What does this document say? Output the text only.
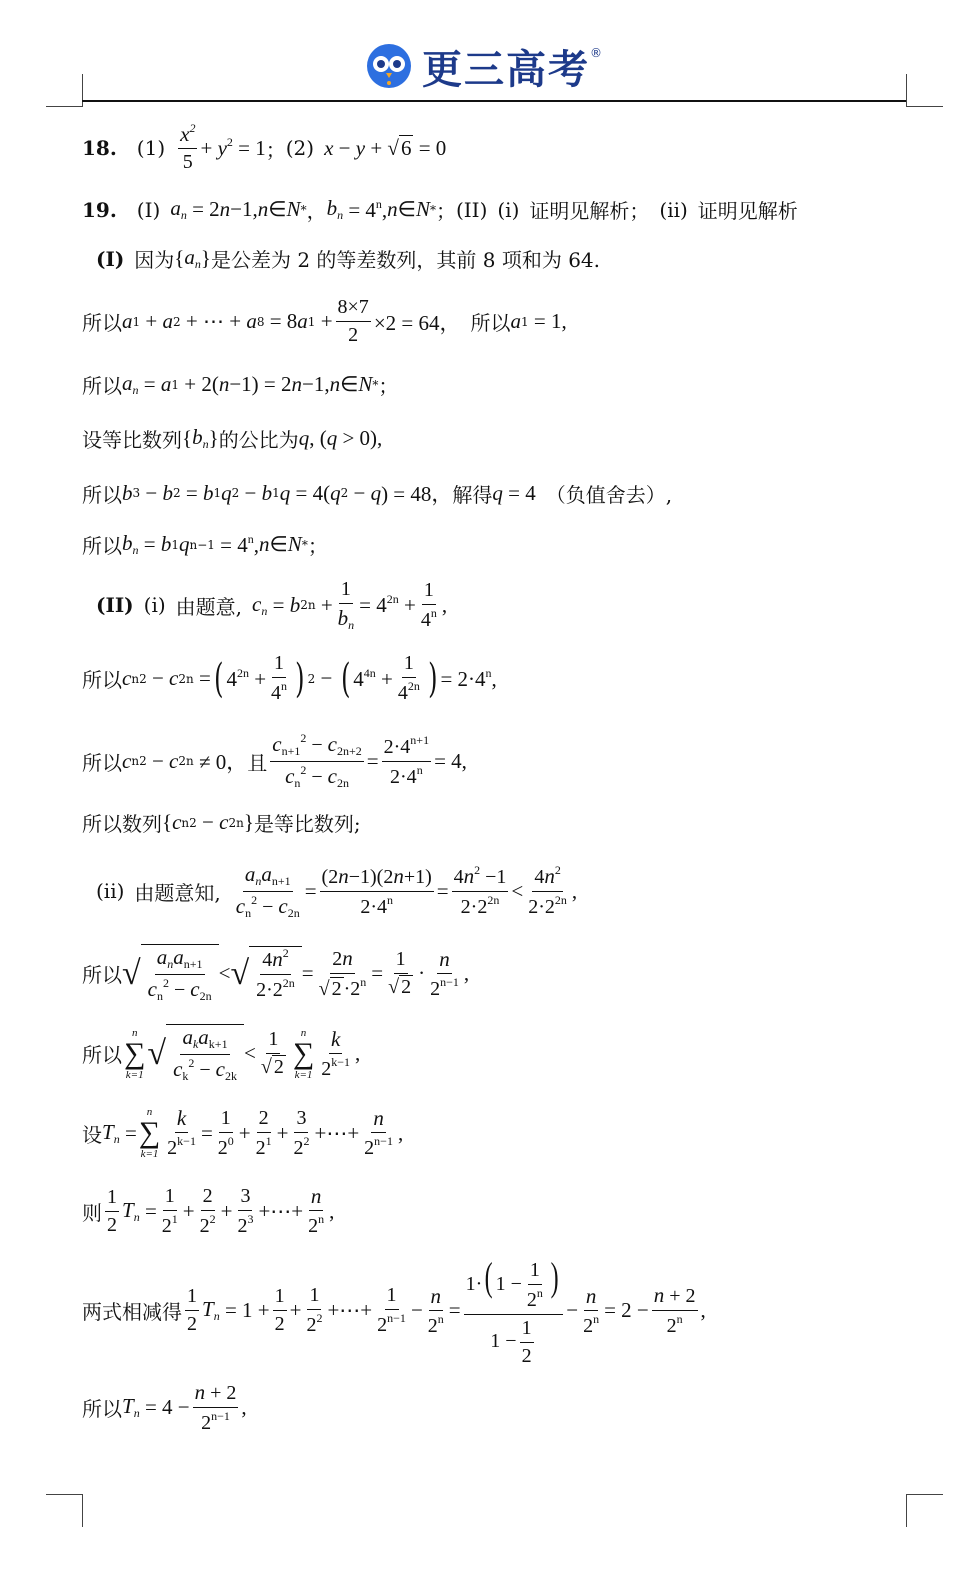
更三高考 ®
18. $(1) \frac{x^2}{5} + y$ $^2$ = 1 ； (2) x − y + √6 = 0
19. (I) $a_n = 2$ n −1, n ∈ N * ， $b_n = 4^n$, n ∈ N * ； (II) (i) 证明见解析 ； (ii) 证明见解析
(I) 因为 { $a_n$ } 是公差为 2 的等差数列，其前 8 项和为 64.
所以 a 1 + a 2 + ⋯ + a 8 = 8 a $1 + \frac{8\times 7}{2} \times 2 = 64$， 所以 a 1 = 1,
所以 $a_n = a$ 1 + 2( n −1) = 2 n −1, n ∈ N * ；
设等比数列 { $b_n$ } 的公比为 q , ( q > 0),
所以 b 3 − b 2 = b 1 q 2 − b 1 q = 4( q 2 − q ) = 48， 解得 q = 4 （负值舍去）,
所以 $b_n = b$ 1 q $n-1 = 4^n$, n ∈ N * ；
(II) (i) 由题意, $c_n = b$ $2n + \frac{1}{b_n} = 4^{2n} + \frac{1}{4^n}$ ,
所以 c n 2 − c 2n = ( $4^{2n} + \frac{1}{4^n}$ ) 2 − ( $4^{4n} + \frac{1}{4^{2n}}$ ) = $2\cdot 4^n$,
所以 c n 2 − c 2n ≠ 0， 且 $\frac{c_{n+1}^2 - c_{2n+2}}{c_n^2 - c_{2n}} = \frac{2\cdot 4^{n+1}}{2\cdot 4^n} = 4$,
所以数列 { c n 2 − c 2n } 是等比数列;
(ii) 由题意知, $\frac{a_na_{n+1}}{c_n^2 - c_{2n}} = \frac{(2n-1)(2n+1)}{2\cdot 4^n} = \frac{4n^2 -1}{2\cdot 2^{2n}} < \frac{4n^2}{2\cdot 2^{2n}}$ ,
所以 √ $\frac{a_na_{n+1}}{c_n^2 - c_{2n}}$ < √ $\frac{4n^2}{2\cdot 2^{2n}} = \frac{2n}{√ 2 \cdot 2^n} = \frac{1}{√ 2} \cdot \frac{n}{2^{n-1}}$ ,
所以
n
∑
k=1
√ $\frac{a_ka_{k+1}}{c_k^2 - c_{2k}} < \frac{1}{√ 2}$ n
∑
$k=1 \frac{k}{2^{k-1}}$ ,
设 $T_n$ =
n
∑
$k=1 \frac{k}{2^{k-1}} = \frac{1}{2^0} + \frac{2}{2^1} + \frac{3}{2^2}$ +⋯+ $\frac{n}{2^{n-1}}$ ,
则 $\frac{1}{2} T_n = \frac{1}{2^1} + \frac{2}{2^2} + \frac{3}{2^3}$ +⋯+ $\frac{n}{2^n}$ ,
两式相减得 $\frac{1}{2} T_n = 1 + \frac{1}{2} + \frac{1}{2^2}$ +⋯+ $\frac{1}{2^{n-1}} - \frac{n}{2^n} = \frac{1\cdot( 1 - \frac{1}{2^n} )}{1 - \frac{1}{2}} - \frac{n}{2^n} = 2 - \frac{n + 2}{2^n}$ ,
所以 $T_n = 4 - \frac{n + 2}{2^{n-1}}$ ,
